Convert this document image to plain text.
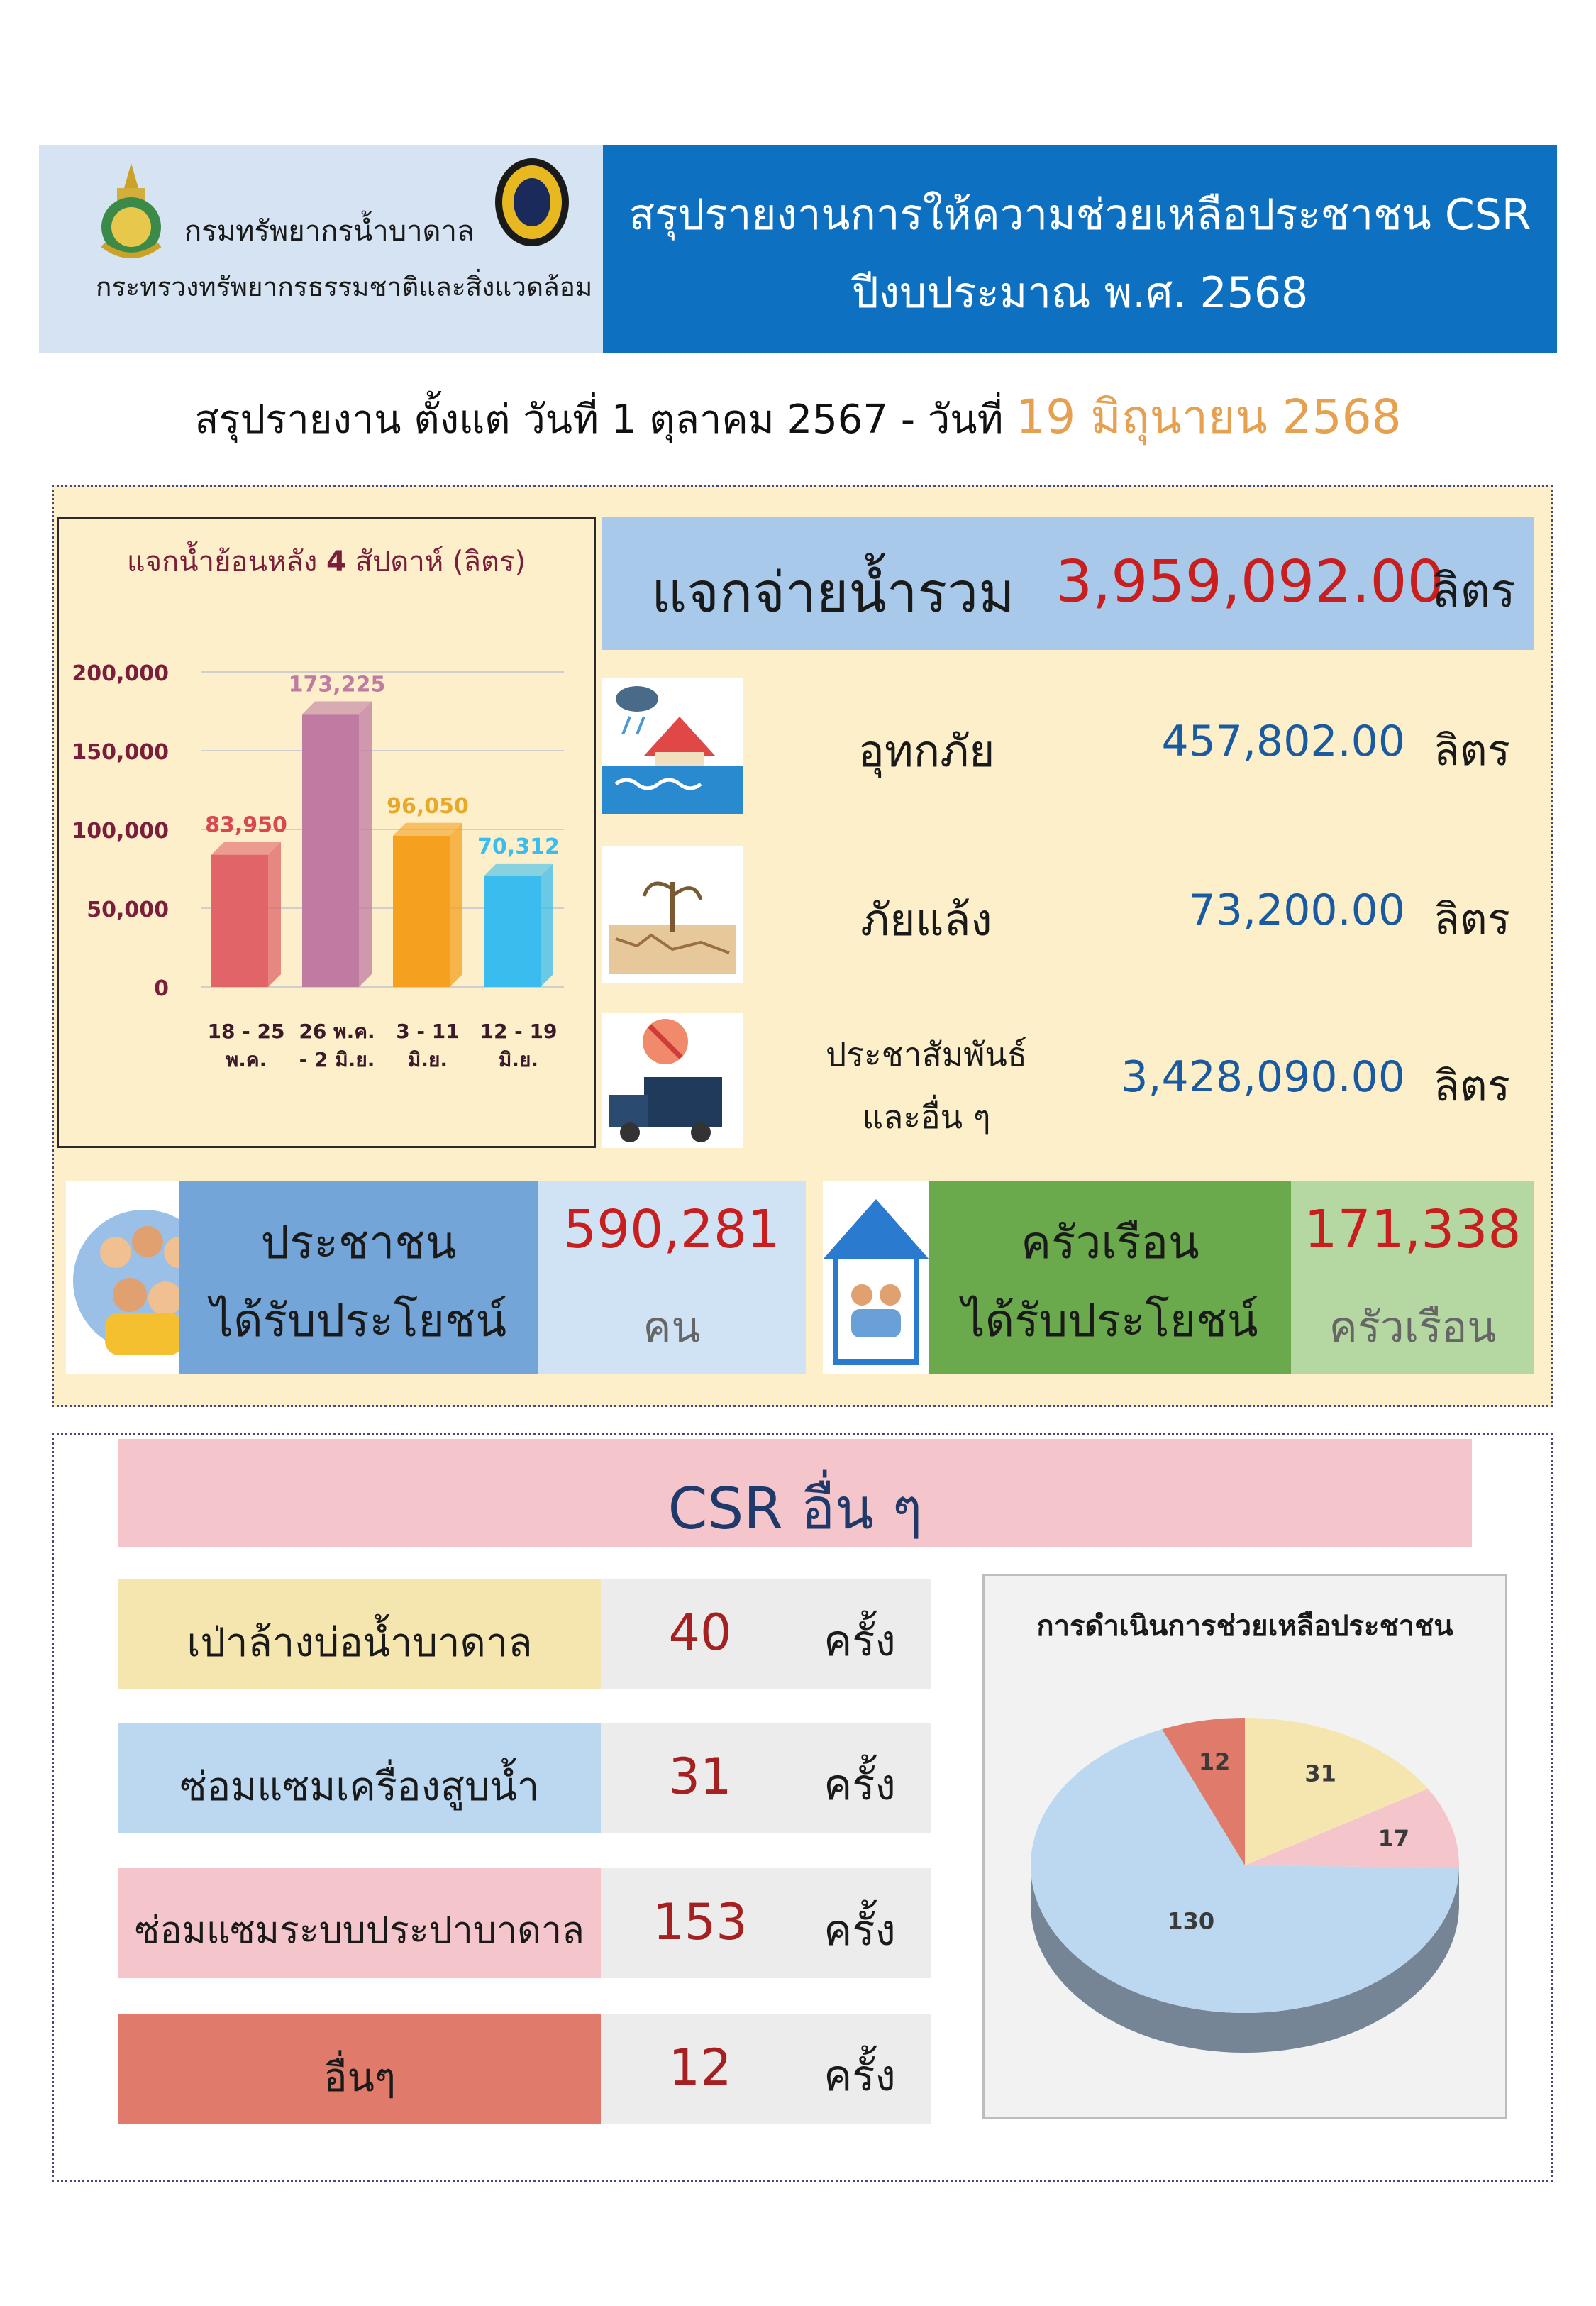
กรมทรัพยากรน้ำบาดาล
กระทรวงทรัพยากรธรรมชาติและสิ่งแวดล้อม
สรุปรายงานการให้ความช่วยเหลือประชาชน CSR
ปีงบประมาณ พ.ศ. 2568
สรุปรายงาน ตั้งแต่ วันที่ 1 ตุลาคม 2567 - วันที่ 19 มิถุนายน 2568
แจกน้ำย้อนหลัง 4 สัปดาห์ (ลิตร)
200,000
150,000
100,000
50,000
0
83,950
173,225
96,050
70,312
18 - 25
พ.ค.
26 พ.ค.
- 2 มิ.ย.
3 - 11
มิ.ย.
12 - 19
มิ.ย.
แจกจ่ายน้ำรวม 3,959,092.00
ลิตร
อุทกภัย	457,802.00 ลิตร
ภัยแล้ง	73,200.00 ลิตร
ประชาสัมพันธ์
และอื่น ๆ
3,428,090.00 ลิตร
ประชาชน
ได้รับประโยชน์
590,281
คน
ครัวเรือน
ได้รับประโยชน์
171,338
ครัวเรือน
CSR อื่น ๆ
เป่าล้างบ่อน้ำบาดาล	40	ครั้ง
ซ่อมแซมเครื่องสูบน้ำ	31	ครั้ง
ซ่อมแซมระบบประปาบาดาล	153	ครั้ง
อื่นๆ	12	ครั้ง
การดำเนินการช่วยเหลือประชาชน
31
17
130
12
